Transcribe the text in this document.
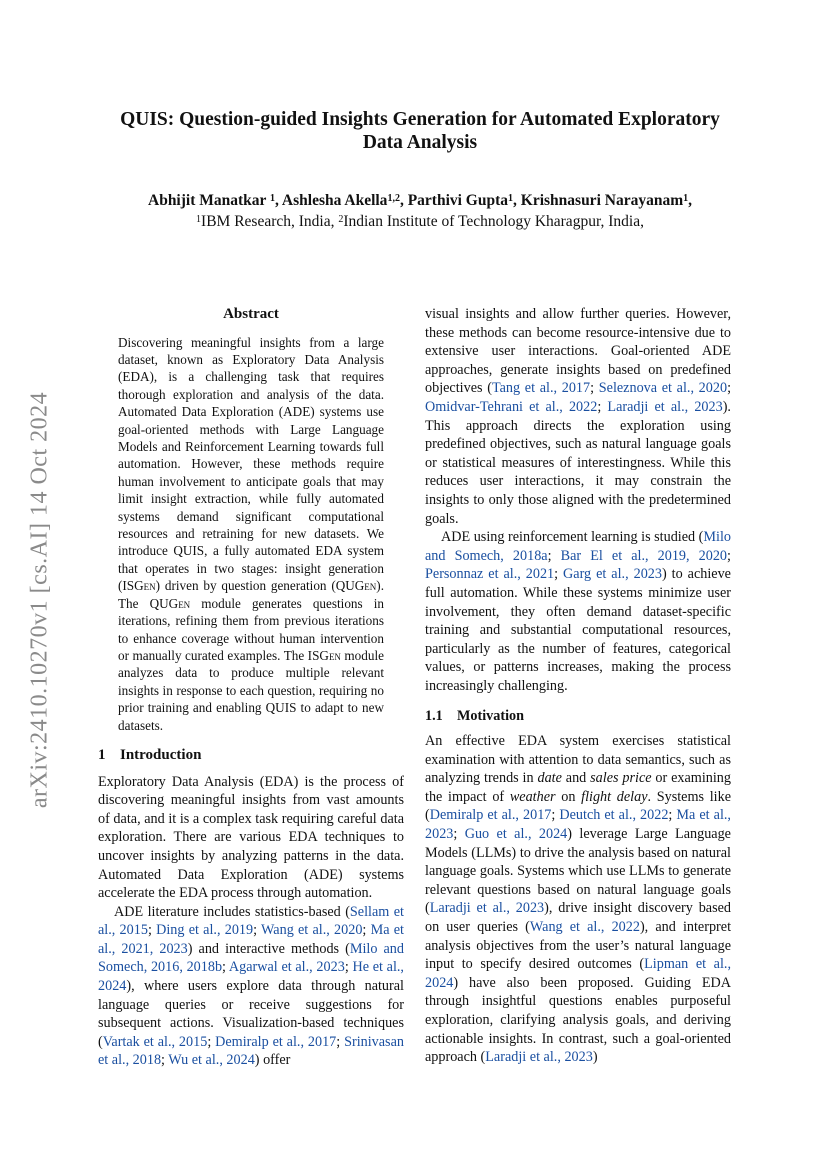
arXiv:2410.10270v1 [cs.AI] 14 Oct 2024
QUIS: Question-guided Insights Generation for Automated Exploratory Data Analysis
Abhijit Manatkar $^1$, Ashlesha Akella$^{1,2}$, Parthivi Gupta$^1$, Krishnasuri Narayanam$^1$,
$^1$IBM Research, India, $^2$Indian Institute of Technology Kharagpur, India,
Abstract
Discovering meaningful insights from a large dataset, known as Exploratory Data Analysis (EDA), is a challenging task that requires thorough exploration and analysis of the data. Automated Data Exploration (ADE) systems use goal-oriented methods with Large Language Models and Reinforcement Learning towards full automation. However, these methods require human involvement to anticipate goals that may limit insight extraction, while fully automated systems demand significant computational resources and retraining for new datasets. We introduce QUIS, a fully automated EDA system that operates in two stages: insight generation (ISGen) driven by question generation (QUGen). The QUGen module generates questions in iterations, refining them from previous iterations to enhance coverage without human intervention or manually curated examples. The ISGen module analyzes data to produce multiple relevant insights in response to each question, requiring no prior training and enabling QUIS to adapt to new datasets.
1 Introduction

Exploratory Data Analysis (EDA) is the process of discovering meaningful insights from vast amounts of data, and it is a complex task requiring careful data exploration. There are various EDA techniques to uncover insights by analyzing patterns in the data. Automated Data Exploration (ADE) systems accelerate the EDA process through automation.

ADE literature includes statistics-based (Sellam et al., 2015; Ding et al., 2019; Wang et al., 2020; Ma et al., 2021, 2023) and interactive methods (Milo and Somech, 2016, 2018b; Agarwal et al., 2023; He et al., 2024), where users explore data through natural language queries or receive suggestions for subsequent actions. Visualization-based techniques (Vartak et al., 2015; Demiralp et al., 2017; Srinivasan et al., 2018; Wu et al., 2024) offer

visual insights and allow further queries. However, these methods can become resource-intensive due to extensive user interactions. Goal-oriented ADE approaches, generate insights based on predefined objectives (Tang et al., 2017; Seleznova et al., 2020; Omidvar-Tehrani et al., 2022; Laradji et al., 2023). This approach directs the exploration using predefined objectives, such as natural language goals or statistical measures of interestingness. While this reduces user interactions, it may constrain the insights to only those aligned with the predetermined goals.

ADE using reinforcement learning is studied (Milo and Somech, 2018a; Bar El et al., 2019, 2020; Personnaz et al., 2021; Garg et al., 2023) to achieve full automation. While these systems minimize user involvement, they often demand dataset-specific training and substantial computational resources, particularly as the number of features, categorical values, or patterns increases, making the process increasingly challenging.

1.1 Motivation

An effective EDA system exercises statistical examination with attention to data semantics, such as analyzing trends in date and sales price or examining the impact of weather on flight delay. Systems like (Demiralp et al., 2017; Deutch et al., 2022; Ma et al., 2023; Guo et al., 2024) leverage Large Language Models (LLMs) to drive the analysis based on natural language goals. Systems which use LLMs to generate relevant questions based on natural language goals (Laradji et al., 2023), drive insight discovery based on user queries (Wang et al., 2022), and interpret analysis objectives from the user’s natural language input to specify desired outcomes (Lipman et al., 2024) have also been proposed. Guiding EDA through insightful questions enables purposeful exploration, clarifying analysis goals, and deriving actionable insights. In contrast, such a goal-oriented approach (Laradji et al., 2023)
